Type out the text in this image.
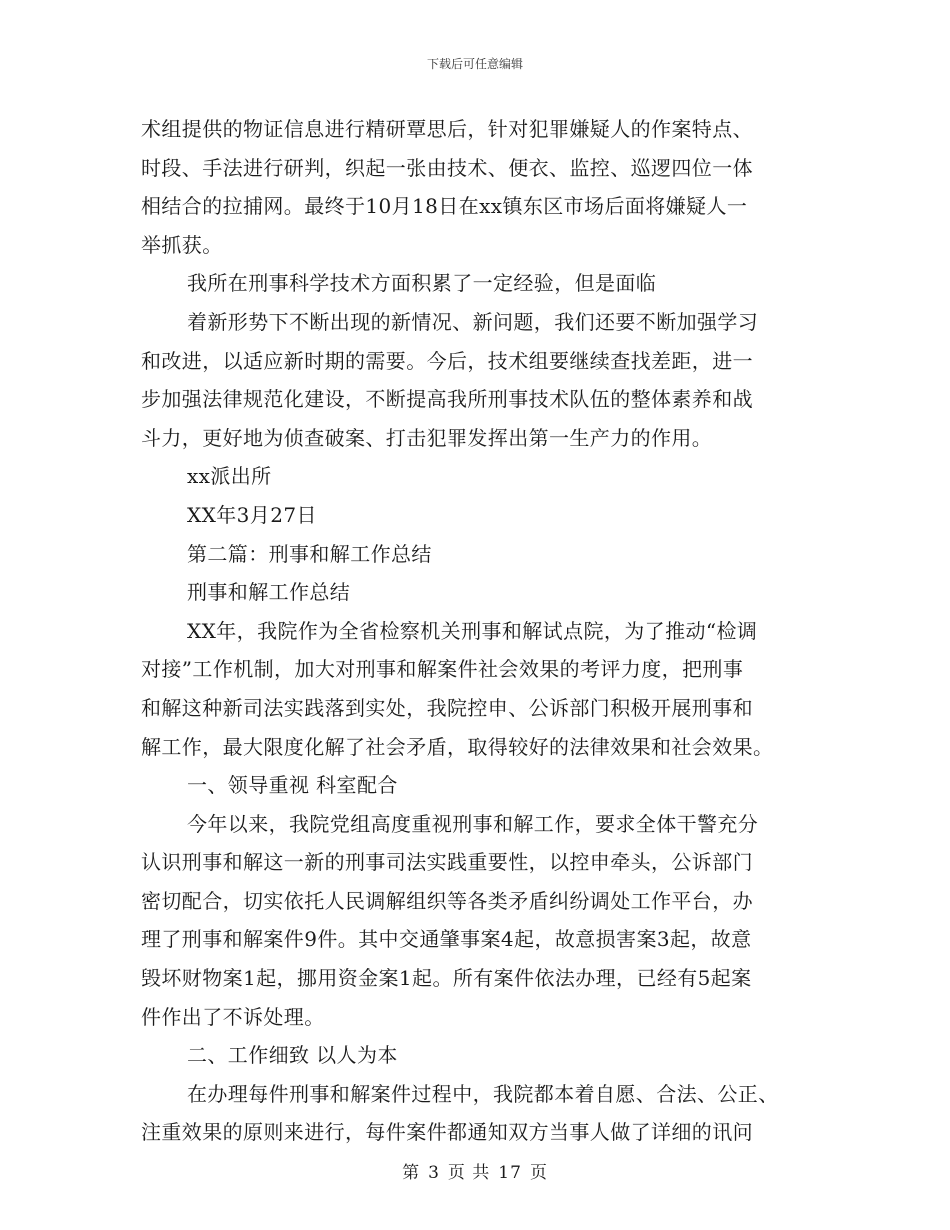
下载后可任意编辑
术组提供的物证信息进行精研覃思后，针对犯罪嫌疑人的作案特点、
时段、手法进行研判，织起一张由技术、便衣、监控、巡逻四位一体
相结合的拉捕网。最终于10月18日在xx镇东区市场后面将嫌疑人一
举抓获。
我所在刑事科学技术方面积累了一定经验，但是面临
着新形势下不断出现的新情况、新问题，我们还要不断加强学习
和改进，以适应新时期的需要。今后，技术组要继续查找差距，进一
步加强法律规范化建设，不断提高我所刑事技术队伍的整体素养和战
斗力，更好地为侦查破案、打击犯罪发挥出第一生产力的作用。
xx派出所
XX年3月27日
第二篇：刑事和解工作总结
刑事和解工作总结
XX年，我院作为全省检察机关刑事和解试点院，为了推动“检调
对接”工作机制，加大对刑事和解案件社会效果的考评力度，把刑事
和解这种新司法实践落到实处，我院控申、公诉部门积极开展刑事和
解工作，最大限度化解了社会矛盾，取得较好的法律效果和社会效果。
一、领导重视 科室配合
今年以来，我院党组高度重视刑事和解工作，要求全体干警充分
认识刑事和解这一新的刑事司法实践重要性，以控申牵头，公诉部门
密切配合，切实依托人民调解组织等各类矛盾纠纷调处工作平台，办
理了刑事和解案件9件。其中交通肇事案4起，故意损害案3起，故意
毁坏财物案1起，挪用资金案1起。所有案件依法办理，已经有5起案
件作出了不诉处理。
二、工作细致 以人为本
在办理每件刑事和解案件过程中，我院都本着自愿、合法、公正、
注重效果的原则来进行，每件案件都通知双方当事人做了详细的讯问
第 3 页 共 17 页
